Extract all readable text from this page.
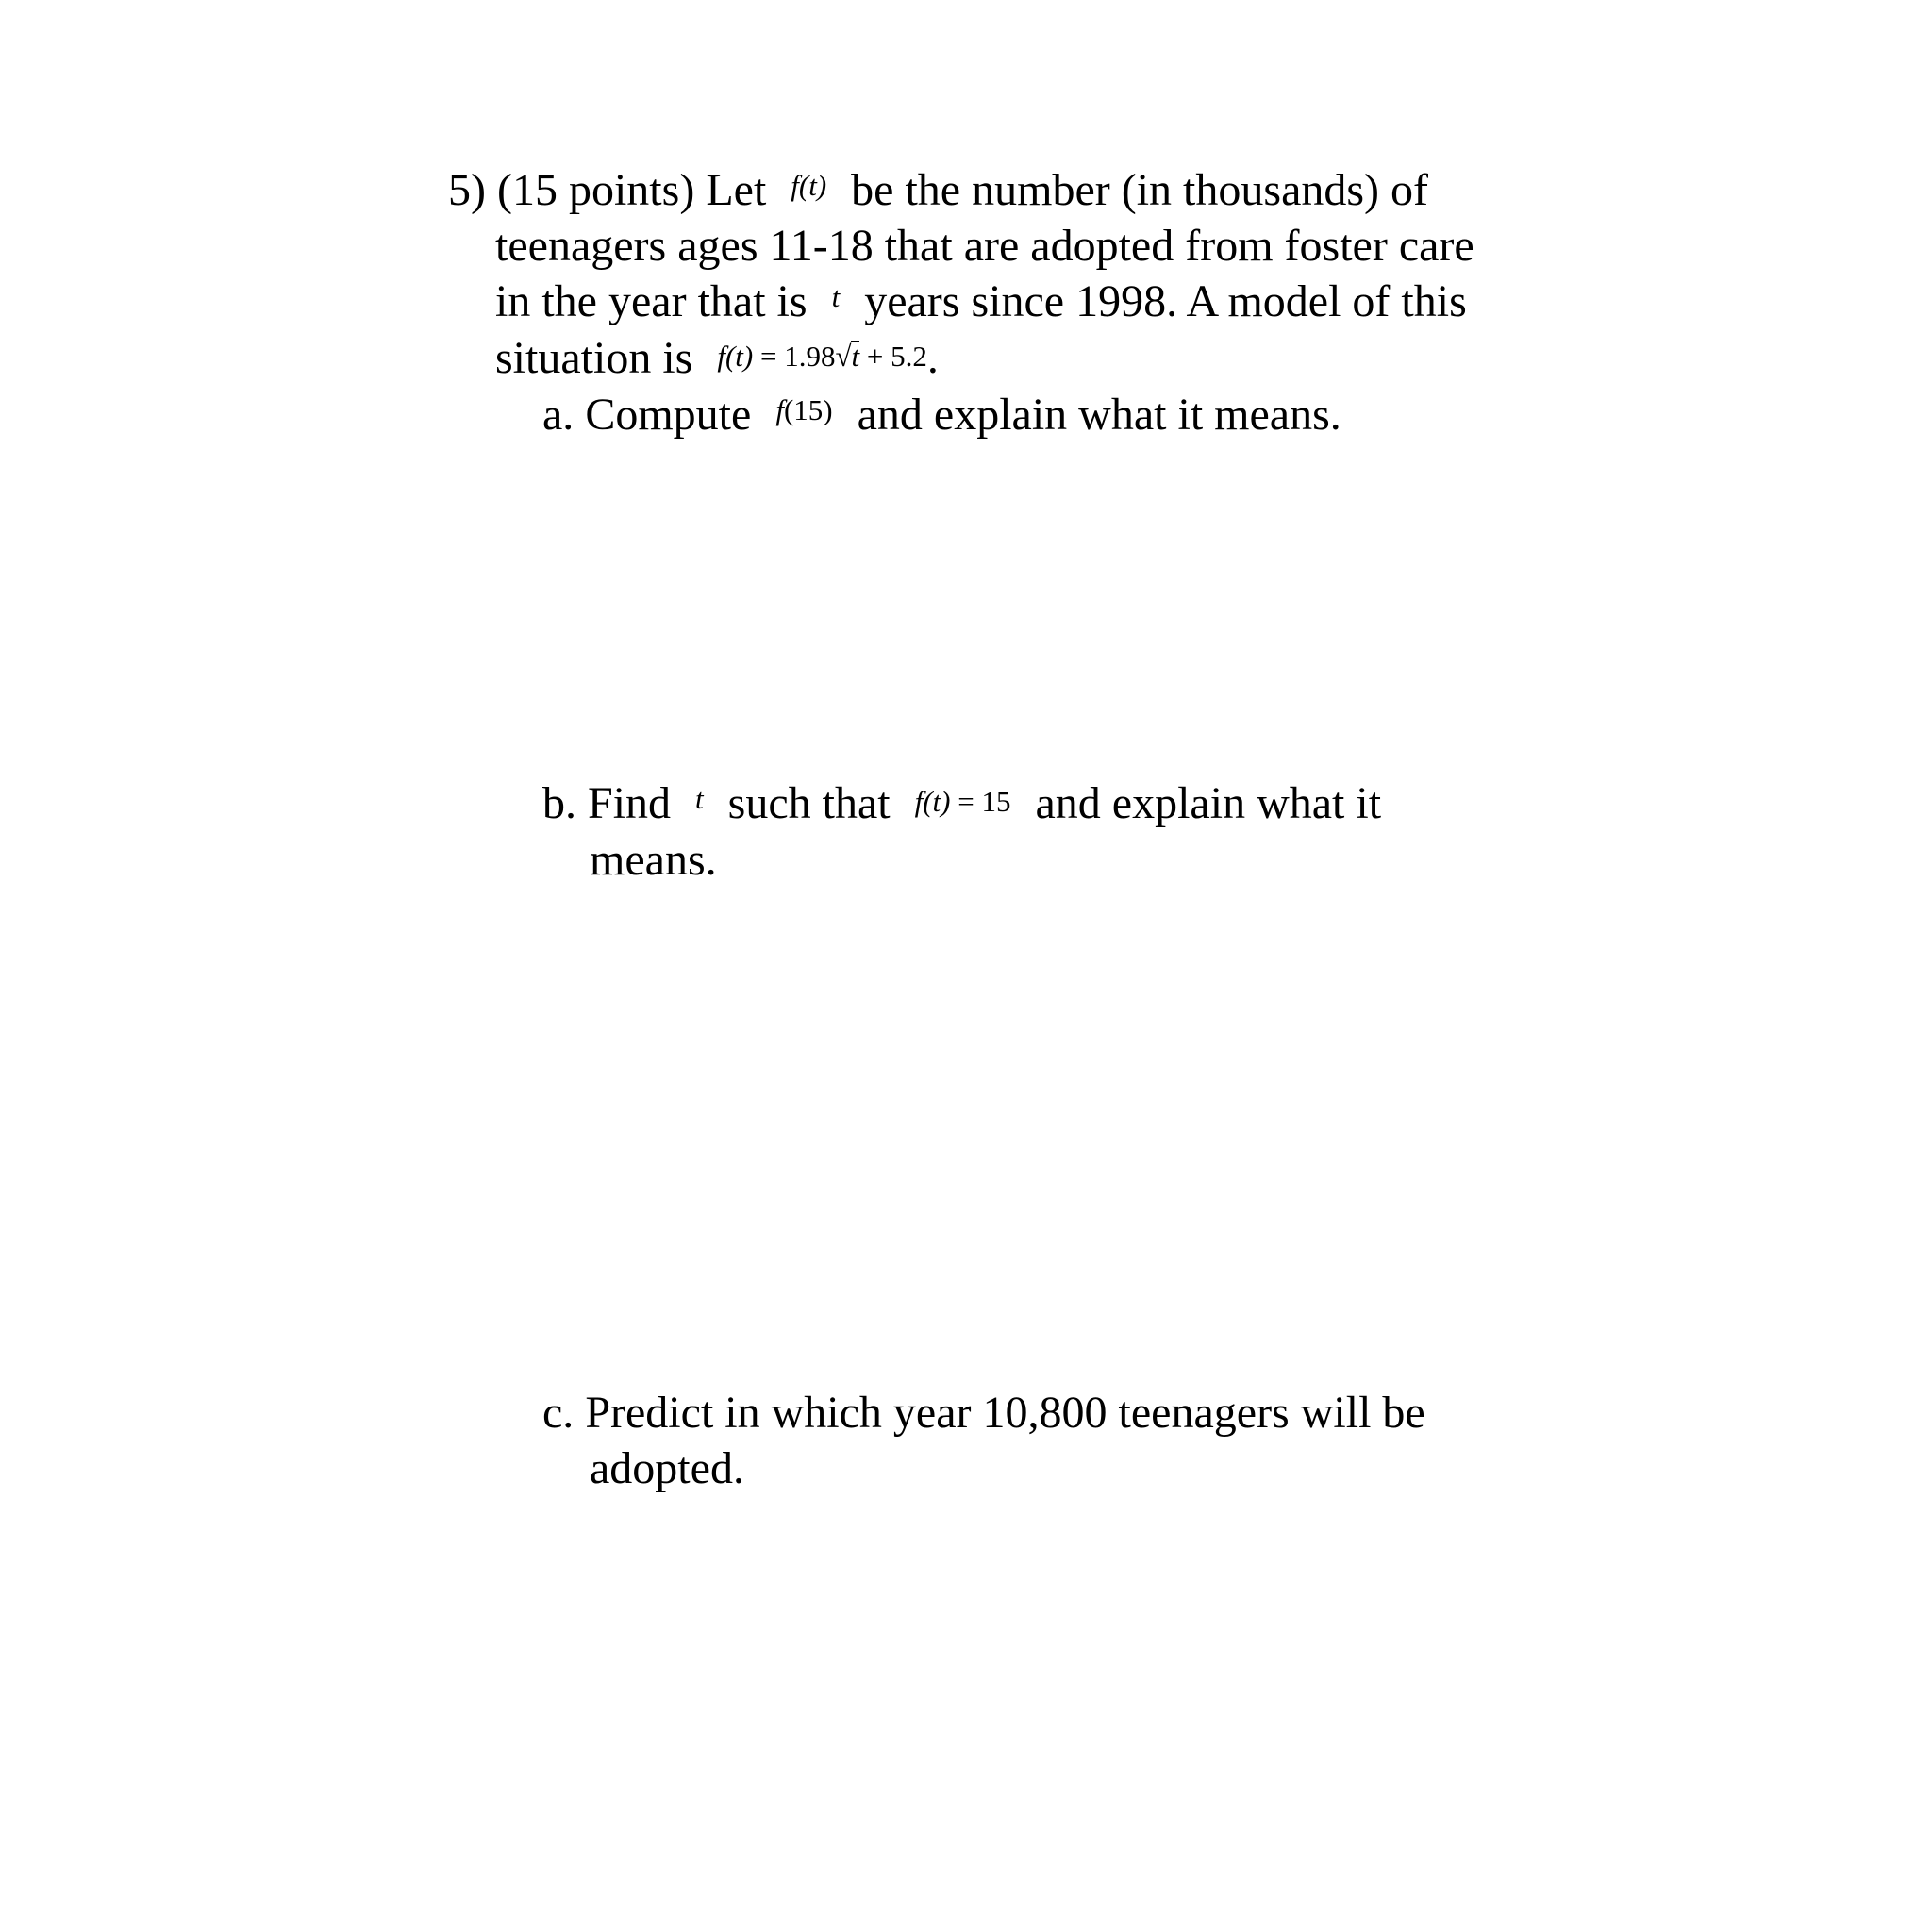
5) (15 points) Let $^{f(t)}$ be the number (in thousands) of
teenagers ages 11-18 that are adopted from foster care
in the year that is $^t$ years since 1998. A model of this
situation is f(t) = 1.98√t + 5.2.
a. Compute $^{f(15)}$ and explain what it means.
b. Find $^t$ such that f(t) = 15 and explain what it
means.
c. Predict in which year 10,800 teenagers will be
adopted.
